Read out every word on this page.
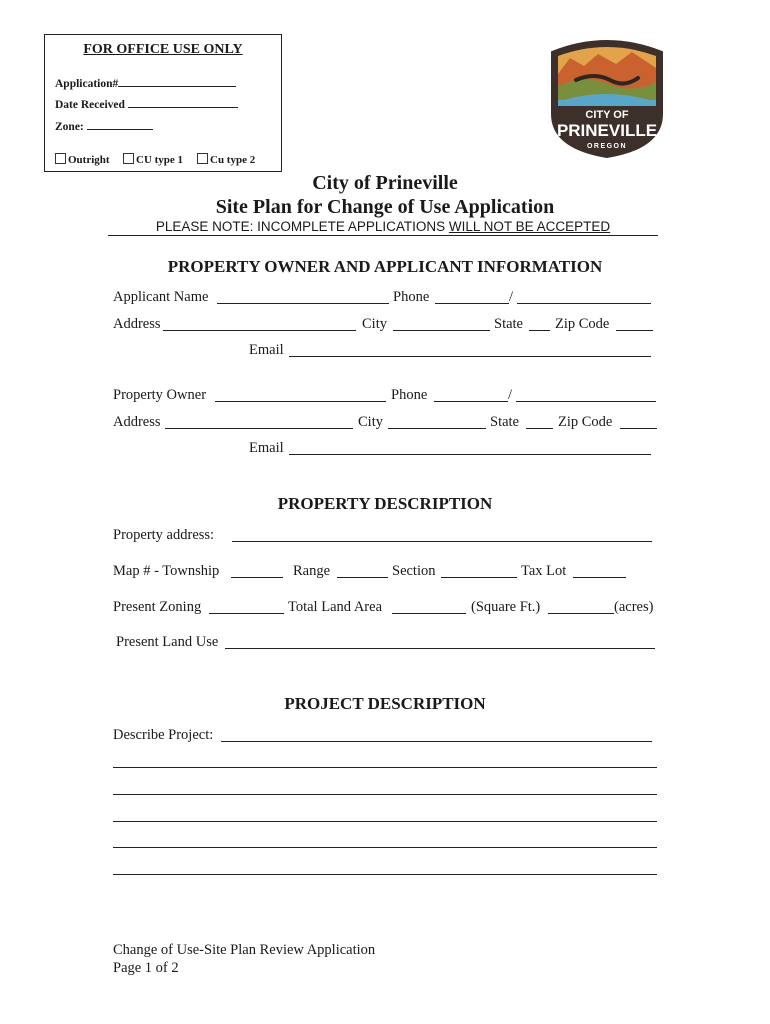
FOR OFFICE USE ONLY
Application#
Date Received
Zone:
Outright	CU type 1	Cu type 2
CITY OF
PRINEVILLE
OREGON
City of Prineville
Site Plan for Change of Use Application
PLEASE NOTE: INCOMPLETE APPLICATIONS WILL NOT BE ACCEPTED
PROPERTY OWNER AND APPLICANT INFORMATION
Applicant Name	Phone	/
Address	City	State Zip Code
Email
Property Owner	Phone	/
Address	City	State	Zip Code
Email
PROPERTY DESCRIPTION
Property address:
Map # - Township	Range	Section	Tax Lot
Present Zoning	Total Land Area	(Square Ft.)	(acres)
Present Land Use
PROJECT DESCRIPTION
Describe Project:
Change of Use-Site Plan Review Application
Page 1 of 2
